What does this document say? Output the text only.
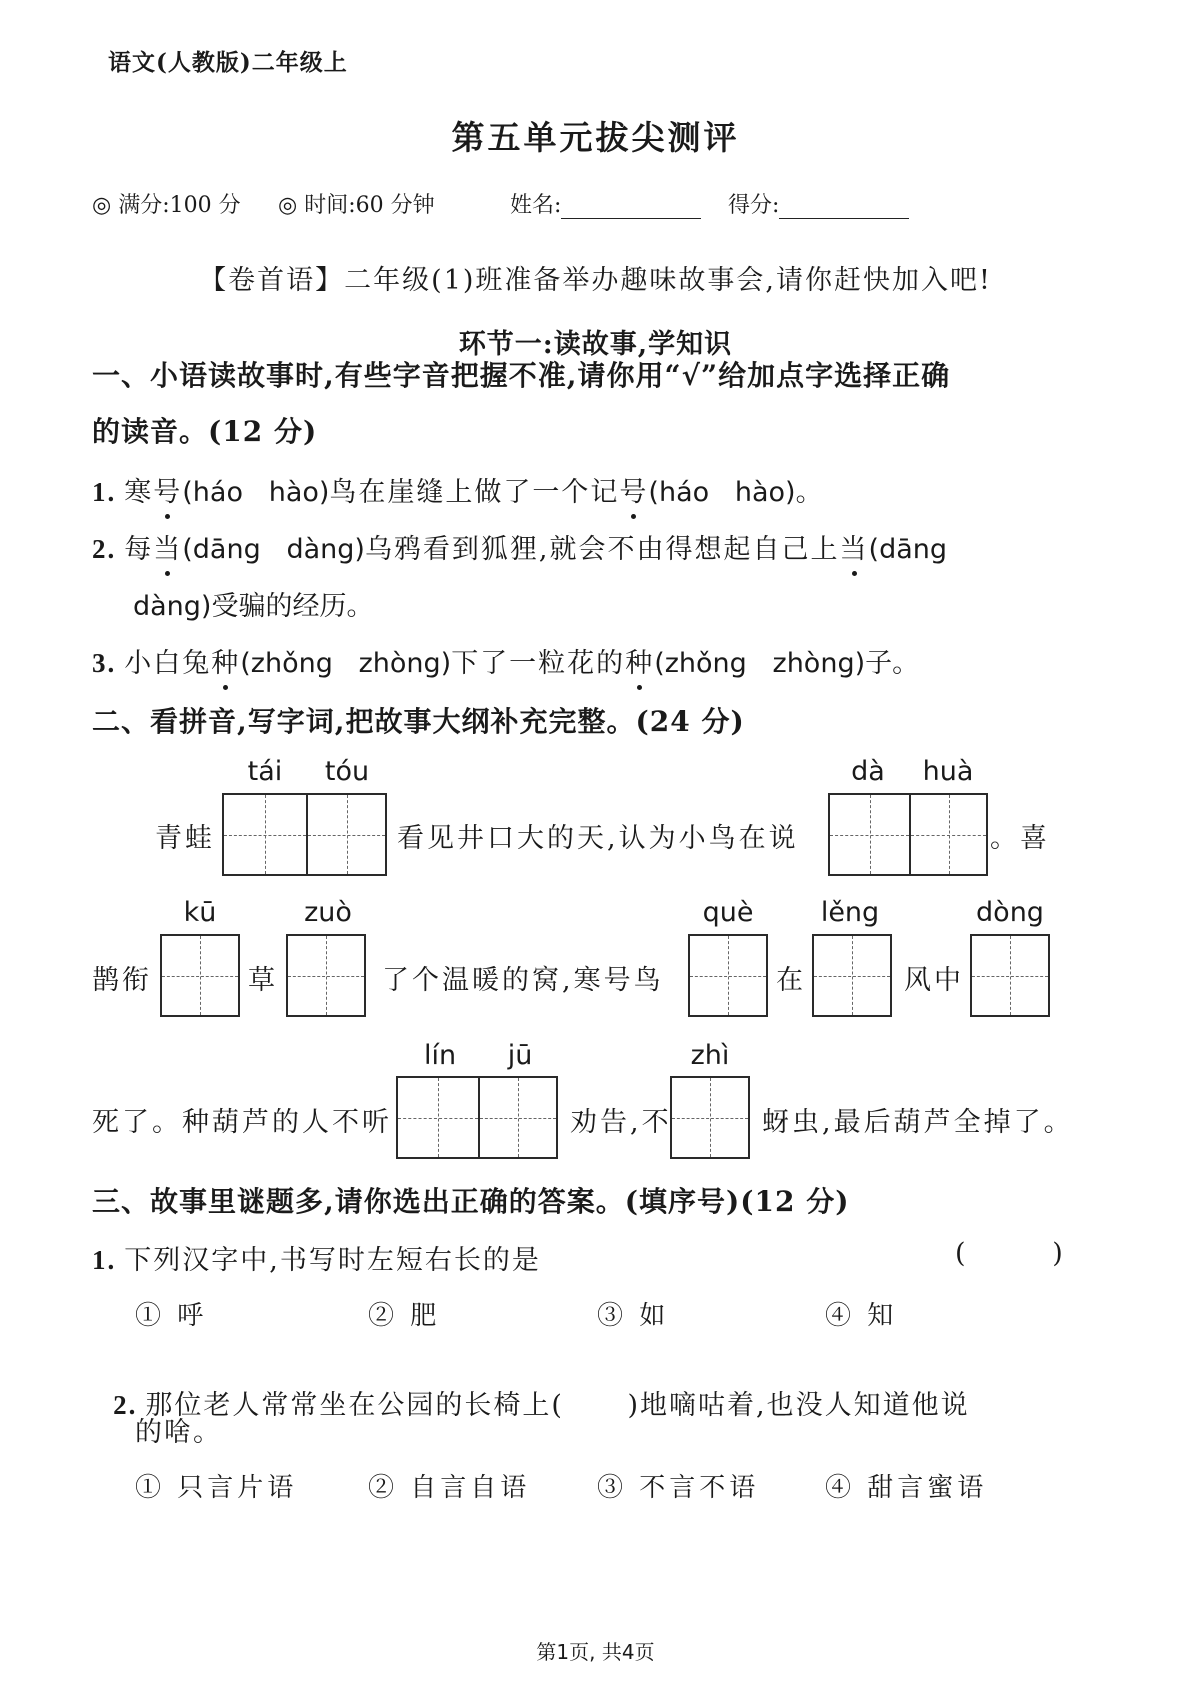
语文(人教版)二年级上
第五单元拔尖测评
◎ 满分:100 分 ◎ 时间:60 分钟	姓名:	得分:
【卷首语】二年级(1)班准备举办趣味故事会,请你赶快加入吧!
环节一:读故事,学知识
一、小语读故事时,有些字音把握不准,请你用“√”给加点字选择正确
的读音。(12 分)
1. 寒号(háo   hào)鸟在崖缝上做了一个记号(háo   hào)。
2. 每当(dāng   dàng)乌鸦看到狐狸,就会不由得想起自己上当(dāng
dàng)受骗的经历。
3. 小白兔种(zhǒng   zhòng)下了一粒花的种(zhǒng   zhòng)子。
二、看拼音,写字词,把故事大纲补充完整。(24 分)
tái tóu
青蛙	看见井口大的天,认为小鸟在说
dà huà
。喜
kū
鹊衔	草
zuò
了个温暖的窝,寒号鸟
què
在
lěng
风中
dòng
lín jū
死了。种葫芦的人不听	劝告,不
zhì
蚜虫,最后葫芦全掉了。
三、故事里谜题多,请你选出正确的答案。(填序号)(12 分)
1. 下列汉字中,书写时左短右长的是	(        )
① 呼	② 肥	③ 如	④ 知

2. 那位老人常常坐在公园的长椅上(      )地嘀咕着,也没人知道他说

的啥。
① 只言片语	② 自言自语	③ 不言不语	④ 甜言蜜语
第1页, 共4页
